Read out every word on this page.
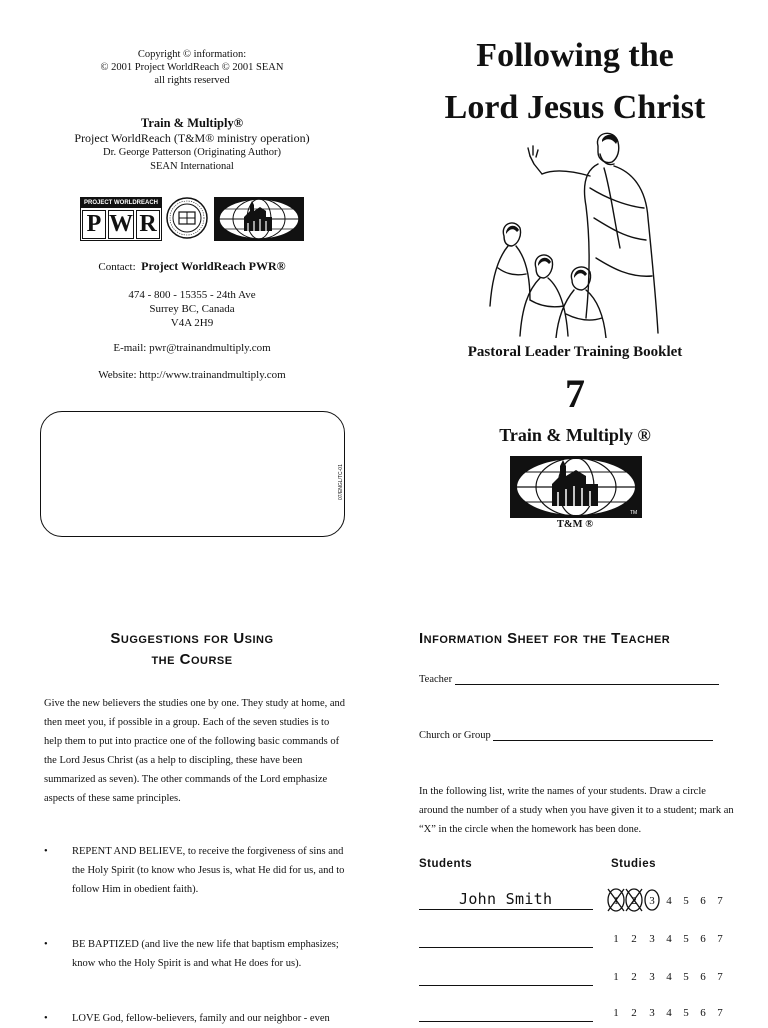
Copyright © information:
© 2001 Project WorldReach © 2001 SEAN
all rights reserved
Train & Multiply®
Project WorldReach (T&M® ministry operation)
Dr. George Patterson (Originating Author)
SEAN International
PROJECT WORLDREACH
P W R
Contact: Project WorldReach PWR®
474 - 800 - 15355 - 24th Ave
Surrey BC, Canada
V4A 2H9
E-mail: pwr@trainandmultiply.com
Website: http://www.trainandmultiply.com
07/ENGL/TC-01
Following the
Lord Jesus Christ
Pastoral Leader Training Booklet
7
Train & Multiply ®
TM
T&M ®
Suggestions for Using
the Course
Give the new believers the studies one by one. They study at home, and then meet you, if possible in a group. Each of the seven studies is to help them to put into practice one of the following basic commands of the Lord Jesus Christ (as a help to discipling, these have been summarized as seven). The other commands of the Lord emphasize aspects of these same principles.
• REPENT AND BELIEVE, to receive the forgiveness of sins and the Holy Spirit (to know who Jesus is, what He did for us, and to follow Him in obedient faith).
• BE BAPTIZED (and live the new life that baptism emphasizes; know who the Holy Spirit is and what He does for us).
• LOVE God, fellow-believers, family and our neighbor - even
Information Sheet for the Teacher
Teacher
Church or Group
In the following list, write the names of your students. Draw a circle around the number of a study when you have given it to a student; mark an “X” in the circle when the homework has been done.
Students	Studies
John Smith	1	2	3	4	5	6	7
1	2	3	4	5	6	7
1	2	3	4	5	6	7
1	2	3	4	5	6	7
